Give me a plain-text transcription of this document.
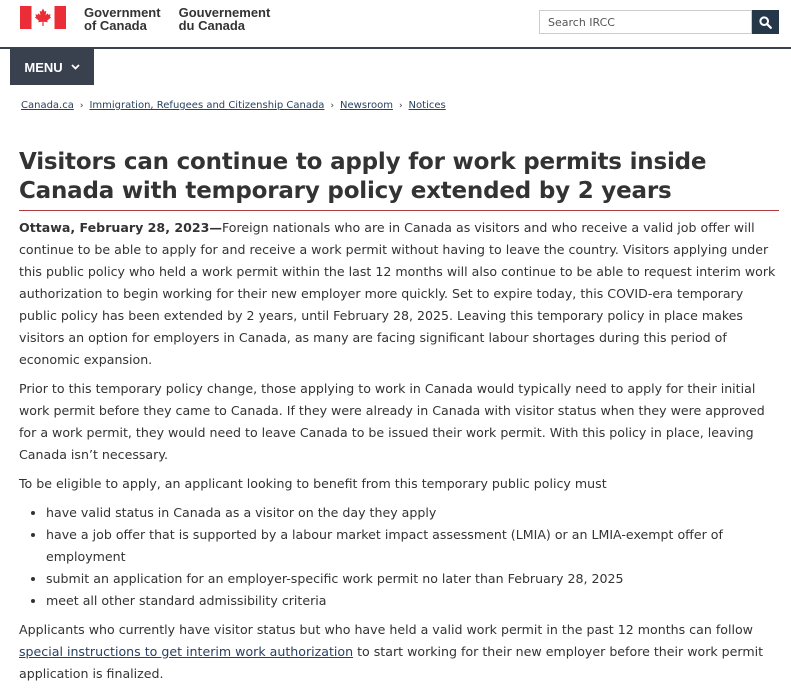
Government
of Canada
Gouvernement
du Canada
Search IRCC
MENU
Canada.ca › Immigration, Refugees and Citizenship Canada › Newsroom › Notices
Visitors can continue to apply for work permits inside Canada with temporary policy extended by 2 years

Ottawa, February 28, 2023—Foreign nationals who are in Canada as visitors and who receive a valid job offer will continue to be able to apply for and receive a work permit without having to leave the country. Visitors applying under this public policy who held a work permit within the last 12 months will also continue to be able to request interim work authorization to begin working for their new employer more quickly. Set to expire today, this COVID-era temporary public policy has been extended by 2 years, until February 28, 2025. Leaving this temporary policy in place makes visitors an option for employers in Canada, as many are facing significant labour shortages during this period of economic expansion.

Prior to this temporary policy change, those applying to work in Canada would typically need to apply for their initial work permit before they came to Canada. If they were already in Canada with visitor status when they were approved for a work permit, they would need to leave Canada to be issued their work permit. With this policy in place, leaving Canada isn’t necessary.

To be eligible to apply, an applicant looking to benefit from this temporary public policy must

• have valid status in Canada as a visitor on the day they apply
• have a job offer that is supported by a labour market impact assessment (LMIA) or an LMIA-exempt offer of employment
• submit an application for an employer-specific work permit no later than February 28, 2025
• meet all other standard admissibility criteria

Applicants who currently have visitor status but who have held a valid work permit in the past 12 months can follow special instructions to get interim work authorization to start working for their new employer before their work permit application is finalized.
